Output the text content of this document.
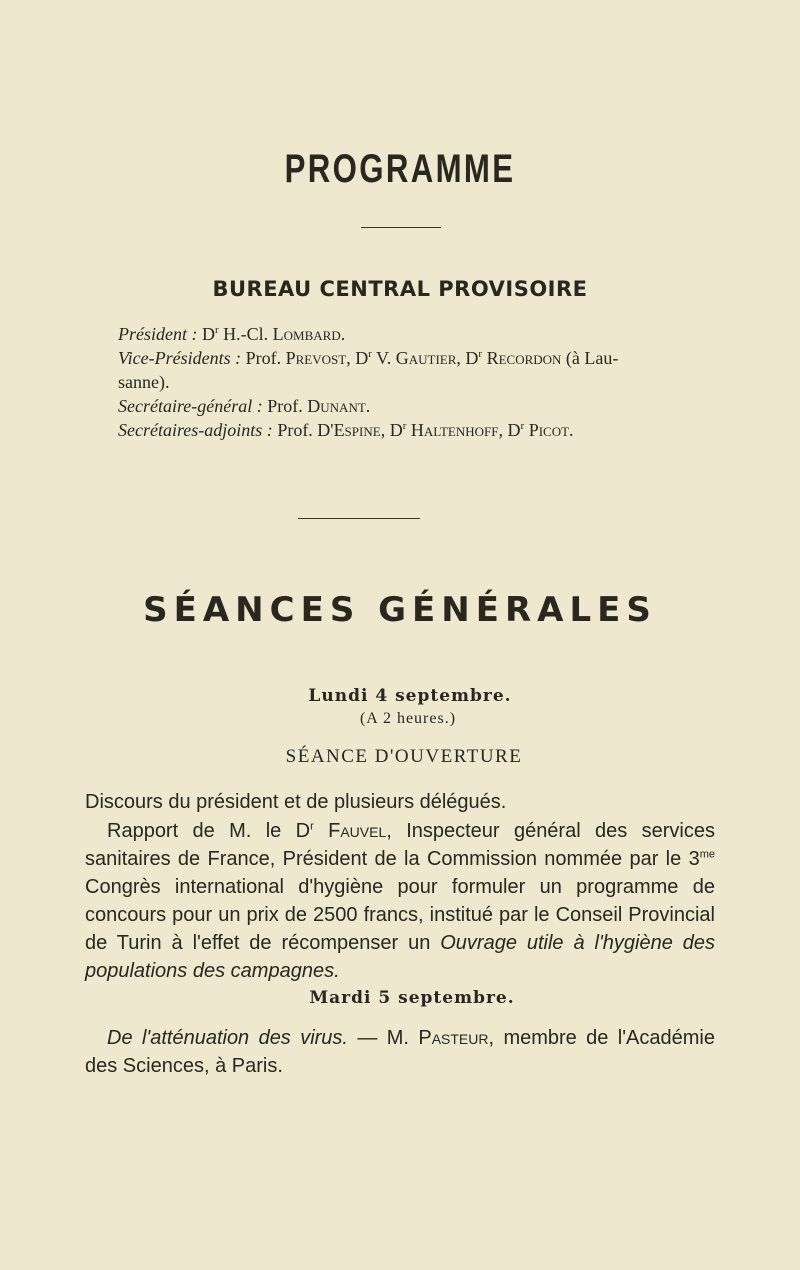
PROGRAMME
BUREAU CENTRAL PROVISOIRE
Président : $D^r$ H.-Cl. Lombard.
Vice-Présidents : Prof. Prevost, $D^r$ V. Gautier, $D^r$ Recordon (à Lau-
sanne).
Secrétaire-général : Prof. Dunant.
Secrétaires-adjoints : Prof. D'Espine, $D^r$ Haltenhoff, $D^r$ Picot.
SÉANCES GÉNÉRALES
Lundi 4 septembre.
(A 2 heures.)
SÉANCE D'OUVERTURE
Discours du président et de plusieurs délégués.
Rapport de M. le $D^r$ Fauvel, Inspecteur général des services sanitaires de France, Président de la Commission nommée par le $3^{me}$ Congrès international d'hygiène pour formuler un programme de concours pour un prix de 2500 francs, institué par le Conseil Provincial de Turin à l'effet de récompenser un Ouvrage utile à l'hygiène des populations des campagnes.
Mardi 5 septembre.
De l'atténuation des virus. — M. Pasteur, membre de l'Académie des Sciences, à Paris.
